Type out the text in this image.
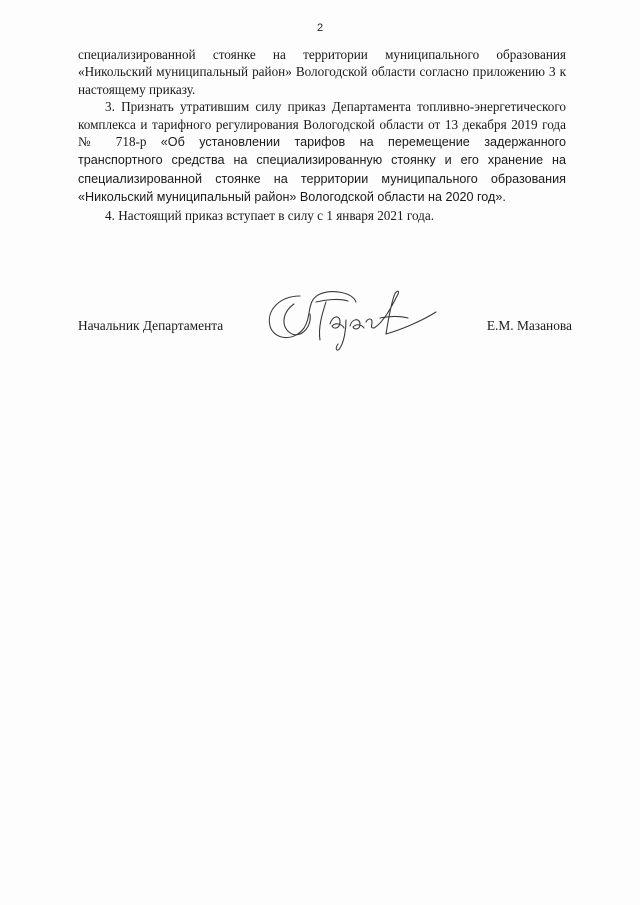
2

специализированной стоянке на территории муниципального образования «Никольский муниципальный район» Вологодской области согласно приложению 3 к настоящему приказу.

3. Признать утратившим силу приказ Департамента топливно-энергетического комплекса и тарифного регулирования Вологодской области от 13 декабря 2019 года № 718-р «Об установлении тарифов на перемещение задержанного транспортного средства на специализированную стоянку и его хранение на специализированной стоянке на территории муниципального образования «Никольский муниципальный район» Вологодской области на 2020 год».

4. Настоящий приказ вступает в силу с 1 января 2021 года.

Начальник Департамента	Е.М. Мазанова
Мазанова
